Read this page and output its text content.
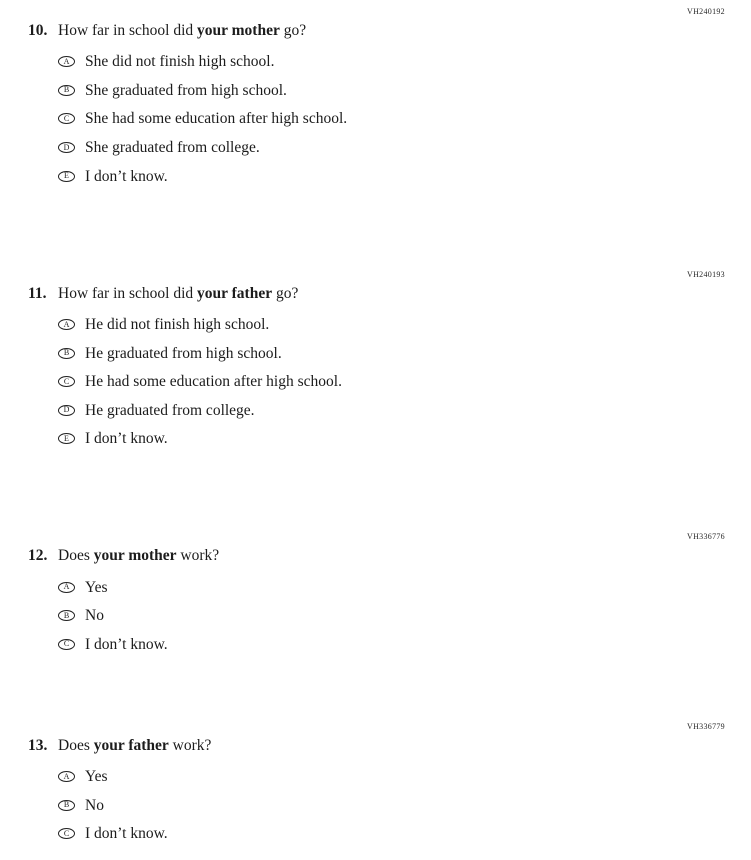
VH240192
10. How far in school did your mother go?
A	She did not finish high school.
B	She graduated from high school.
C	She had some education after high school.
D	She graduated from college.
E	I don’t know.
VH240193
11. How far in school did your father go?
A	He did not finish high school.
B	He graduated from high school.
C	He had some education after high school.
D	He graduated from college.
E	I don’t know.
VH336776
12. Does your mother work?
A	Yes
B	No
C	I don’t know.
VH336779
13. Does your father work?
A	Yes
B	No
C	I don’t know.
